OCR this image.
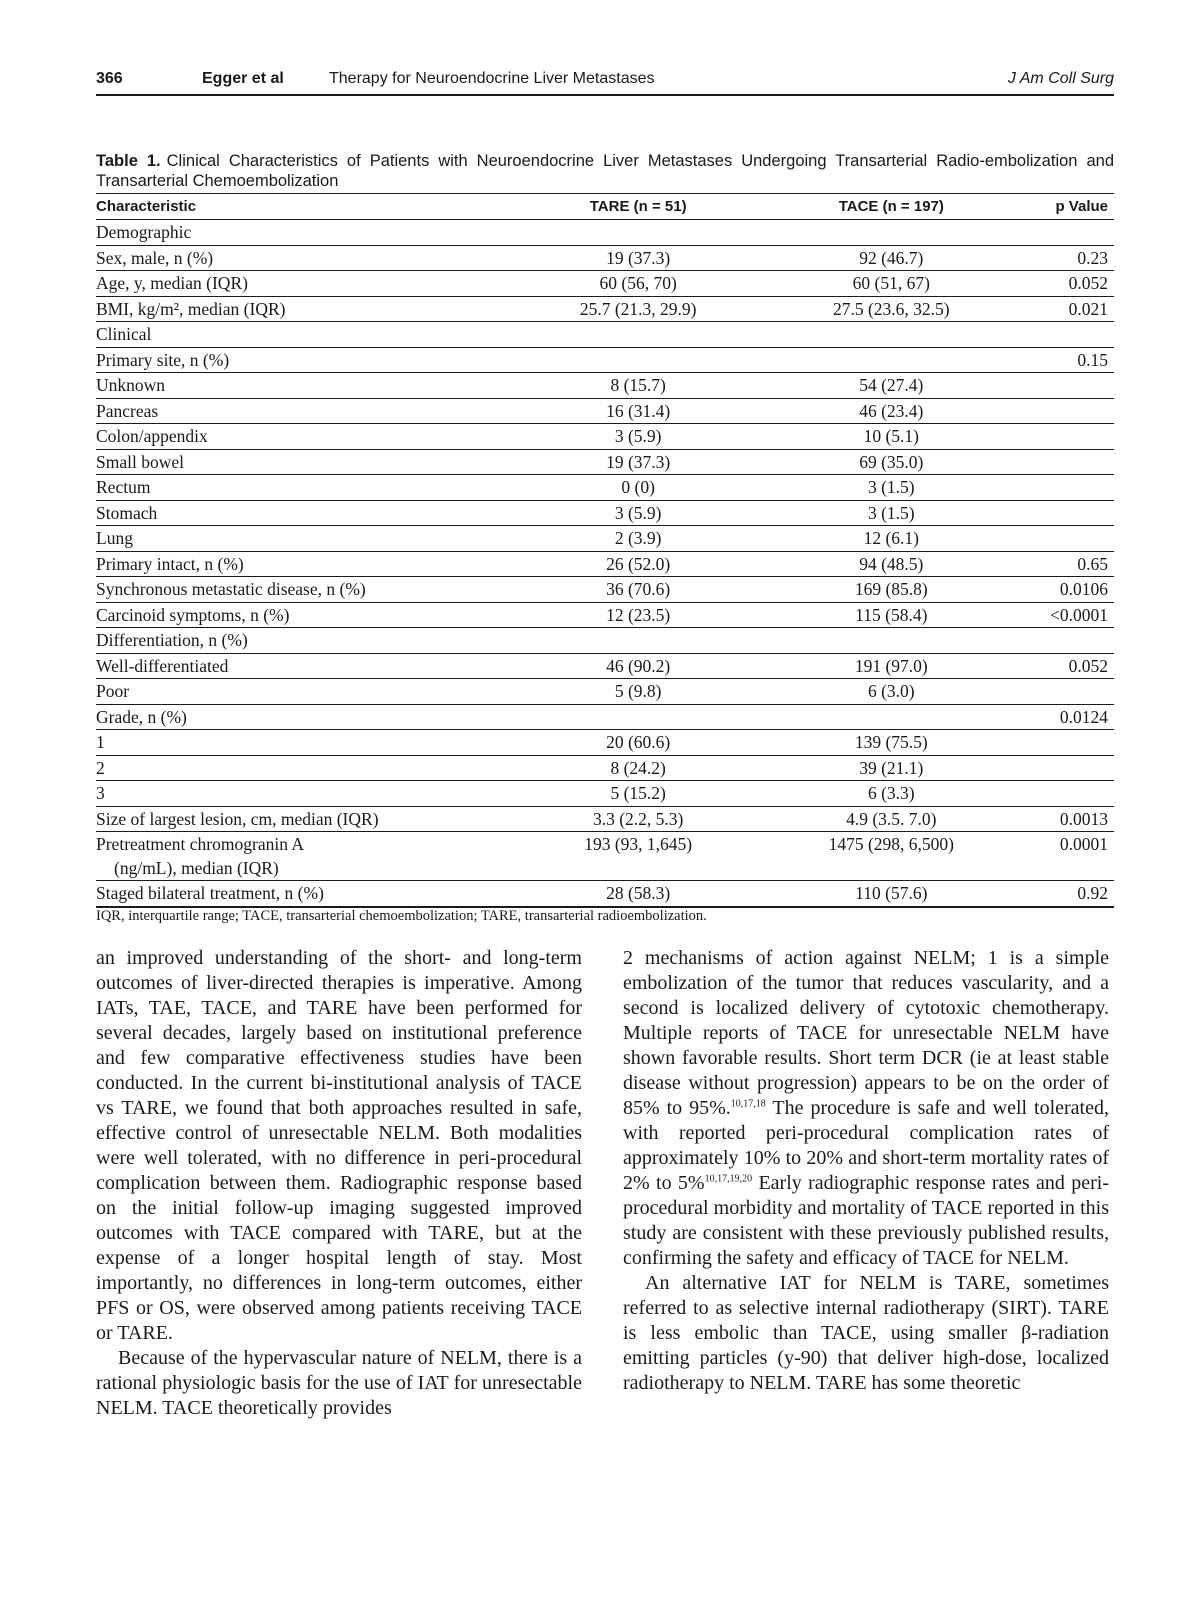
366	Egger et al	Therapy for Neuroendocrine Liver Metastases	J Am Coll Surg
Table 1. Clinical Characteristics of Patients with Neuroendocrine Liver Metastases Undergoing Transarterial Radio-embolization and Transarterial Chemoembolization
Characteristic	TARE (n = 51)	TACE (n = 197)	p Value
Demographic			
Sex, male, n (%)	19 (37.3)	92 (46.7)	0.23
Age, y, median (IQR)	60 (56, 70)	60 (51, 67)	0.052
BMI, kg/m², median (IQR)	25.7 (21.3, 29.9)	27.5 (23.6, 32.5)	0.021
Clinical			
Primary site, n (%)			0.15
Unknown	8 (15.7)	54 (27.4)	
Pancreas	16 (31.4)	46 (23.4)	
Colon/appendix	3 (5.9)	10 (5.1)	
Small bowel	19 (37.3)	69 (35.0)	
Rectum	0 (0)	3 (1.5)	
Stomach	3 (5.9)	3 (1.5)	
Lung	2 (3.9)	12 (6.1)	
Primary intact, n (%)	26 (52.0)	94 (48.5)	0.65
Synchronous metastatic disease, n (%)	36 (70.6)	169 (85.8)	0.0106
Carcinoid symptoms, n (%)	12 (23.5)	115 (58.4)	<0.0001
Differentiation, n (%)			
Well-differentiated	46 (90.2)	191 (97.0)	0.052
Poor	5 (9.8)	6 (3.0)	
Grade, n (%)			0.0124
1	20 (60.6)	139 (75.5)	
2	8 (24.2)	39 (21.1)	
3	5 (15.2)	6 (3.3)	
Size of largest lesion, cm, median (IQR)	3.3 (2.2, 5.3)	4.9 (3.5. 7.0)	0.0013
Pretreatment chromogranin A
(ng/mL), median (IQR)	193 (93, 1,645)	1475 (298, 6,500)	0.0001
Staged bilateral treatment, n (%)	28 (58.3)	110 (57.6)	0.92
IQR, interquartile range; TACE, transarterial chemoembolization; TARE, transarterial radioembolization.

an improved understanding of the short- and long-term outcomes of liver-directed therapies is imperative. Among IATs, TAE, TACE, and TARE have been performed for several decades, largely based on institutional preference and few comparative effectiveness studies have been conducted. In the current bi-institutional analysis of TACE vs TARE, we found that both approaches resulted in safe, effective control of unresectable NELM. Both modalities were well tolerated, with no difference in peri-procedural complication between them. Radiographic response based on the initial follow-up imaging suggested improved outcomes with TACE compared with TARE, but at the expense of a longer hospital length of stay. Most importantly, no differences in long-term outcomes, either PFS or OS, were observed among patients receiving TACE or TARE.

Because of the hypervascular nature of NELM, there is a rational physiologic basis for the use of IAT for unresectable NELM. TACE theoretically provides

2 mechanisms of action against NELM; 1 is a simple embolization of the tumor that reduces vascularity, and a second is localized delivery of cytotoxic chemotherapy. Multiple reports of TACE for unresectable NELM have shown favorable results. Short term DCR (ie at least stable disease without progression) appears to be on the order of 85% to 95%.$^{10,17,18}$ The procedure is safe and well tolerated, with reported peri-procedural complication rates of approximately 10% to 20% and short-term mortality rates of 2% to 5%$^{10,17,19,20}$ Early radiographic response rates and peri-procedural morbidity and mortality of TACE reported in this study are consistent with these previously published results, confirming the safety and efficacy of TACE for NELM.

An alternative IAT for NELM is TARE, sometimes referred to as selective internal radiotherapy (SIRT). TARE is less embolic than TACE, using smaller β-radiation emitting particles (y-90) that deliver high-dose, localized radiotherapy to NELM. TARE has some theoretic
